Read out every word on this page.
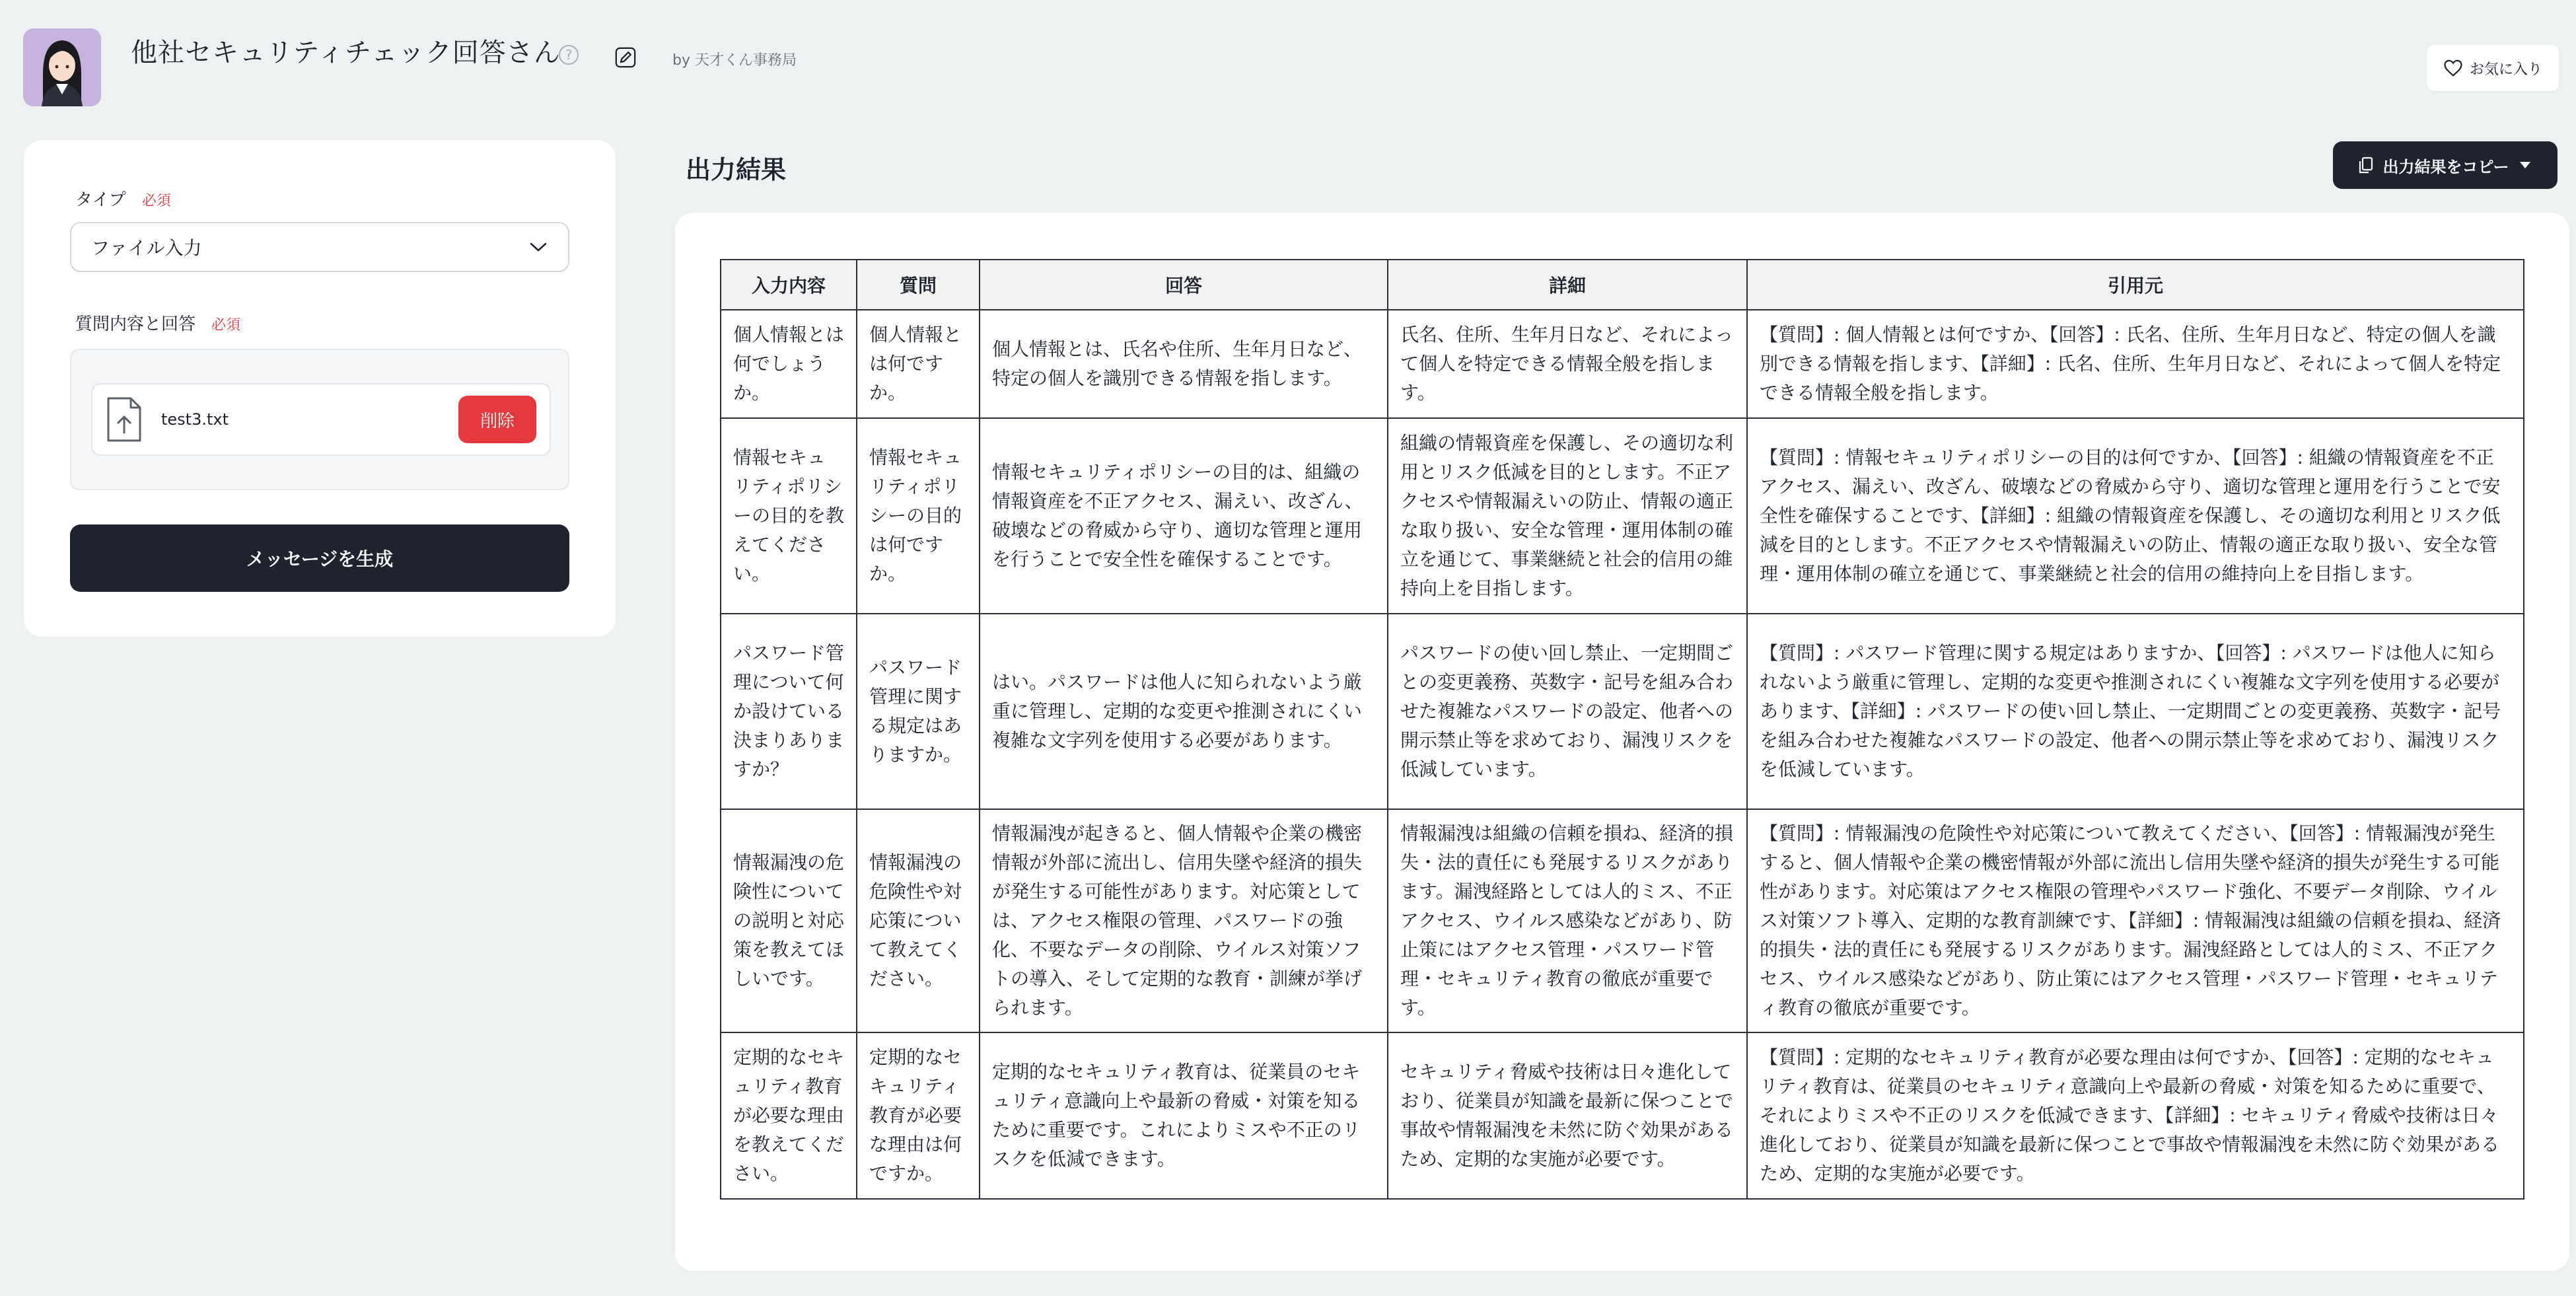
他社セキュリティチェック回答さん ?	by 天才くん事務局
お気に入り
タイプ 必須
ファイル入力
質問内容と回答 必須
test3.txt	削除
メッセージを生成
出力結果	出力結果をコピー
入力内容	質問	回答	詳細	引用元
個人情報とは何でしょうか。	個人情報とは何ですか。	個人情報とは、氏名や住所、生年月日など、特定の個人を識別できる情報を指します。	氏名、住所、生年月日など、それによって個人を特定できる情報全般を指します。	【質問】: 個人情報とは何ですか、【回答】: 氏名、住所、生年月日など、特定の個人を識別できる情報を指します、【詳細】: 氏名、住所、生年月日など、それによって個人を特定できる情報全般を指します。
情報セキュリティポリシーの目的を教えてください。	情報セキュリティポリシーの目的は何ですか。	情報セキュリティポリシーの目的は、組織の情報資産を不正アクセス、漏えい、改ざん、破壊などの脅威から守り、適切な管理と運用を行うことで安全性を確保することです。	組織の情報資産を保護し、その適切な利用とリスク低減を目的とします。不正アクセスや情報漏えいの防止、情報の適正な取り扱い、安全な管理・運用体制の確立を通じて、事業継続と社会的信用の維持向上を目指します。	【質問】: 情報セキュリティポリシーの目的は何ですか、【回答】: 組織の情報資産を不正アクセス、漏えい、改ざん、破壊などの脅威から守り、適切な管理と運用を行うことで安全性を確保することです、【詳細】: 組織の情報資産を保護し、その適切な利用とリスク低減を目的とします。不正アクセスや情報漏えいの防止、情報の適正な取り扱い、安全な管理・運用体制の確立を通じて、事業継続と社会的信用の維持向上を目指します。
パスワード管理について何か設けている決まりありますか？	パスワード管理に関する規定はありますか。	はい。パスワードは他人に知られないよう厳重に管理し、定期的な変更や推測されにくい複雑な文字列を使用する必要があります。	パスワードの使い回し禁止、一定期間ごとの変更義務、英数字・記号を組み合わせた複雑なパスワードの設定、他者への開示禁止等を求めており、漏洩リスクを低減しています。	【質問】: パスワード管理に関する規定はありますか、【回答】: パスワードは他人に知られないよう厳重に管理し、定期的な変更や推測されにくい複雑な文字列を使用する必要があります、【詳細】: パスワードの使い回し禁止、一定期間ごとの変更義務、英数字・記号を組み合わせた複雑なパスワードの設定、他者への開示禁止等を求めており、漏洩リスクを低減しています。
情報漏洩の危険性についての説明と対応策を教えてほしいです。	情報漏洩の危険性や対応策について教えてください。	情報漏洩が起きると、個人情報や企業の機密情報が外部に流出し、信用失墜や経済的損失が発生する可能性があります。対応策としては、アクセス権限の管理、パスワードの強化、不要なデータの削除、ウイルス対策ソフトの導入、そして定期的な教育・訓練が挙げられます。	情報漏洩は組織の信頼を損ね、経済的損失・法的責任にも発展するリスクがあります。漏洩経路としては人的ミス、不正アクセス、ウイルス感染などがあり、防止策にはアクセス管理・パスワード管理・セキュリティ教育の徹底が重要です。	【質問】: 情報漏洩の危険性や対応策について教えてください、【回答】: 情報漏洩が発生すると、個人情報や企業の機密情報が外部に流出し信用失墜や経済的損失が発生する可能性があります。対応策はアクセス権限の管理やパスワード強化、不要データ削除、ウイルス対策ソフト導入、定期的な教育訓練です、【詳細】: 情報漏洩は組織の信頼を損ね、経済的損失・法的責任にも発展するリスクがあります。漏洩経路としては人的ミス、不正アクセス、ウイルス感染などがあり、防止策にはアクセス管理・パスワード管理・セキュリティ教育の徹底が重要です。
定期的なセキュリティ教育が必要な理由を教えてください。	定期的なセキュリティ教育が必要な理由は何ですか。	定期的なセキュリティ教育は、従業員のセキュリティ意識向上や最新の脅威・対策を知るために重要です。これによりミスや不正のリスクを低減できます。	セキュリティ脅威や技術は日々進化しており、従業員が知識を最新に保つことで事故や情報漏洩を未然に防ぐ効果があるため、定期的な実施が必要です。	【質問】: 定期的なセキュリティ教育が必要な理由は何ですか、【回答】: 定期的なセキュリティ教育は、従業員のセキュリティ意識向上や最新の脅威・対策を知るために重要で、それによりミスや不正のリスクを低減できます、【詳細】: セキュリティ脅威や技術は日々進化しており、従業員が知識を最新に保つことで事故や情報漏洩を未然に防ぐ効果があるため、定期的な実施が必要です。
